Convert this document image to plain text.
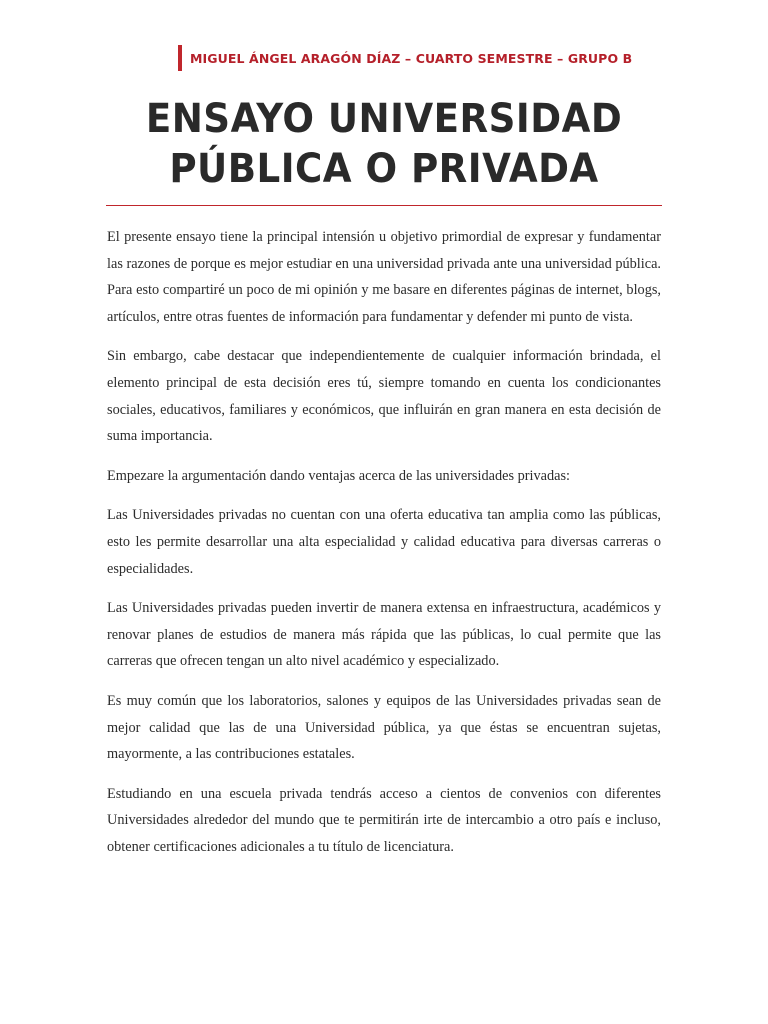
MIGUEL ÁNGEL ARAGÓN DÍAZ – CUARTO SEMESTRE – GRUPO B
ENSAYO UNIVERSIDAD
PÚBLICA O PRIVADA

El presente ensayo tiene la principal intensión u objetivo primordial de expresar y fundamentar las razones de porque es mejor estudiar en una universidad privada ante una universidad pública. Para esto compartiré un poco de mi opinión y me basare en diferentes páginas de internet, blogs, artículos, entre otras fuentes de información para fundamentar y defender mi punto de vista.

Sin embargo, cabe destacar que independientemente de cualquier información brindada, el elemento principal de esta decisión eres tú, siempre tomando en cuenta los condicionantes sociales, educativos, familiares y económicos, que influirán en gran manera en esta decisión de suma importancia.

Empezare la argumentación dando ventajas acerca de las universidades privadas:

Las Universidades privadas no cuentan con una oferta educativa tan amplia como las públicas, esto les permite desarrollar una alta especialidad y calidad educativa para diversas carreras o especialidades.

Las Universidades privadas pueden invertir de manera extensa en infraestructura, académicos y renovar planes de estudios de manera más rápida que las públicas, lo cual permite que las carreras que ofrecen tengan un alto nivel académico y especializado.

Es muy común que los laboratorios, salones y equipos de las Universidades privadas sean de mejor calidad que las de una Universidad pública, ya que éstas se encuentran sujetas, mayormente, a las contribuciones estatales.

Estudiando en una escuela privada tendrás acceso a cientos de convenios con diferentes Universidades alrededor del mundo que te permitirán irte de intercambio a otro país e incluso, obtener certificaciones adicionales a tu título de licenciatura.
